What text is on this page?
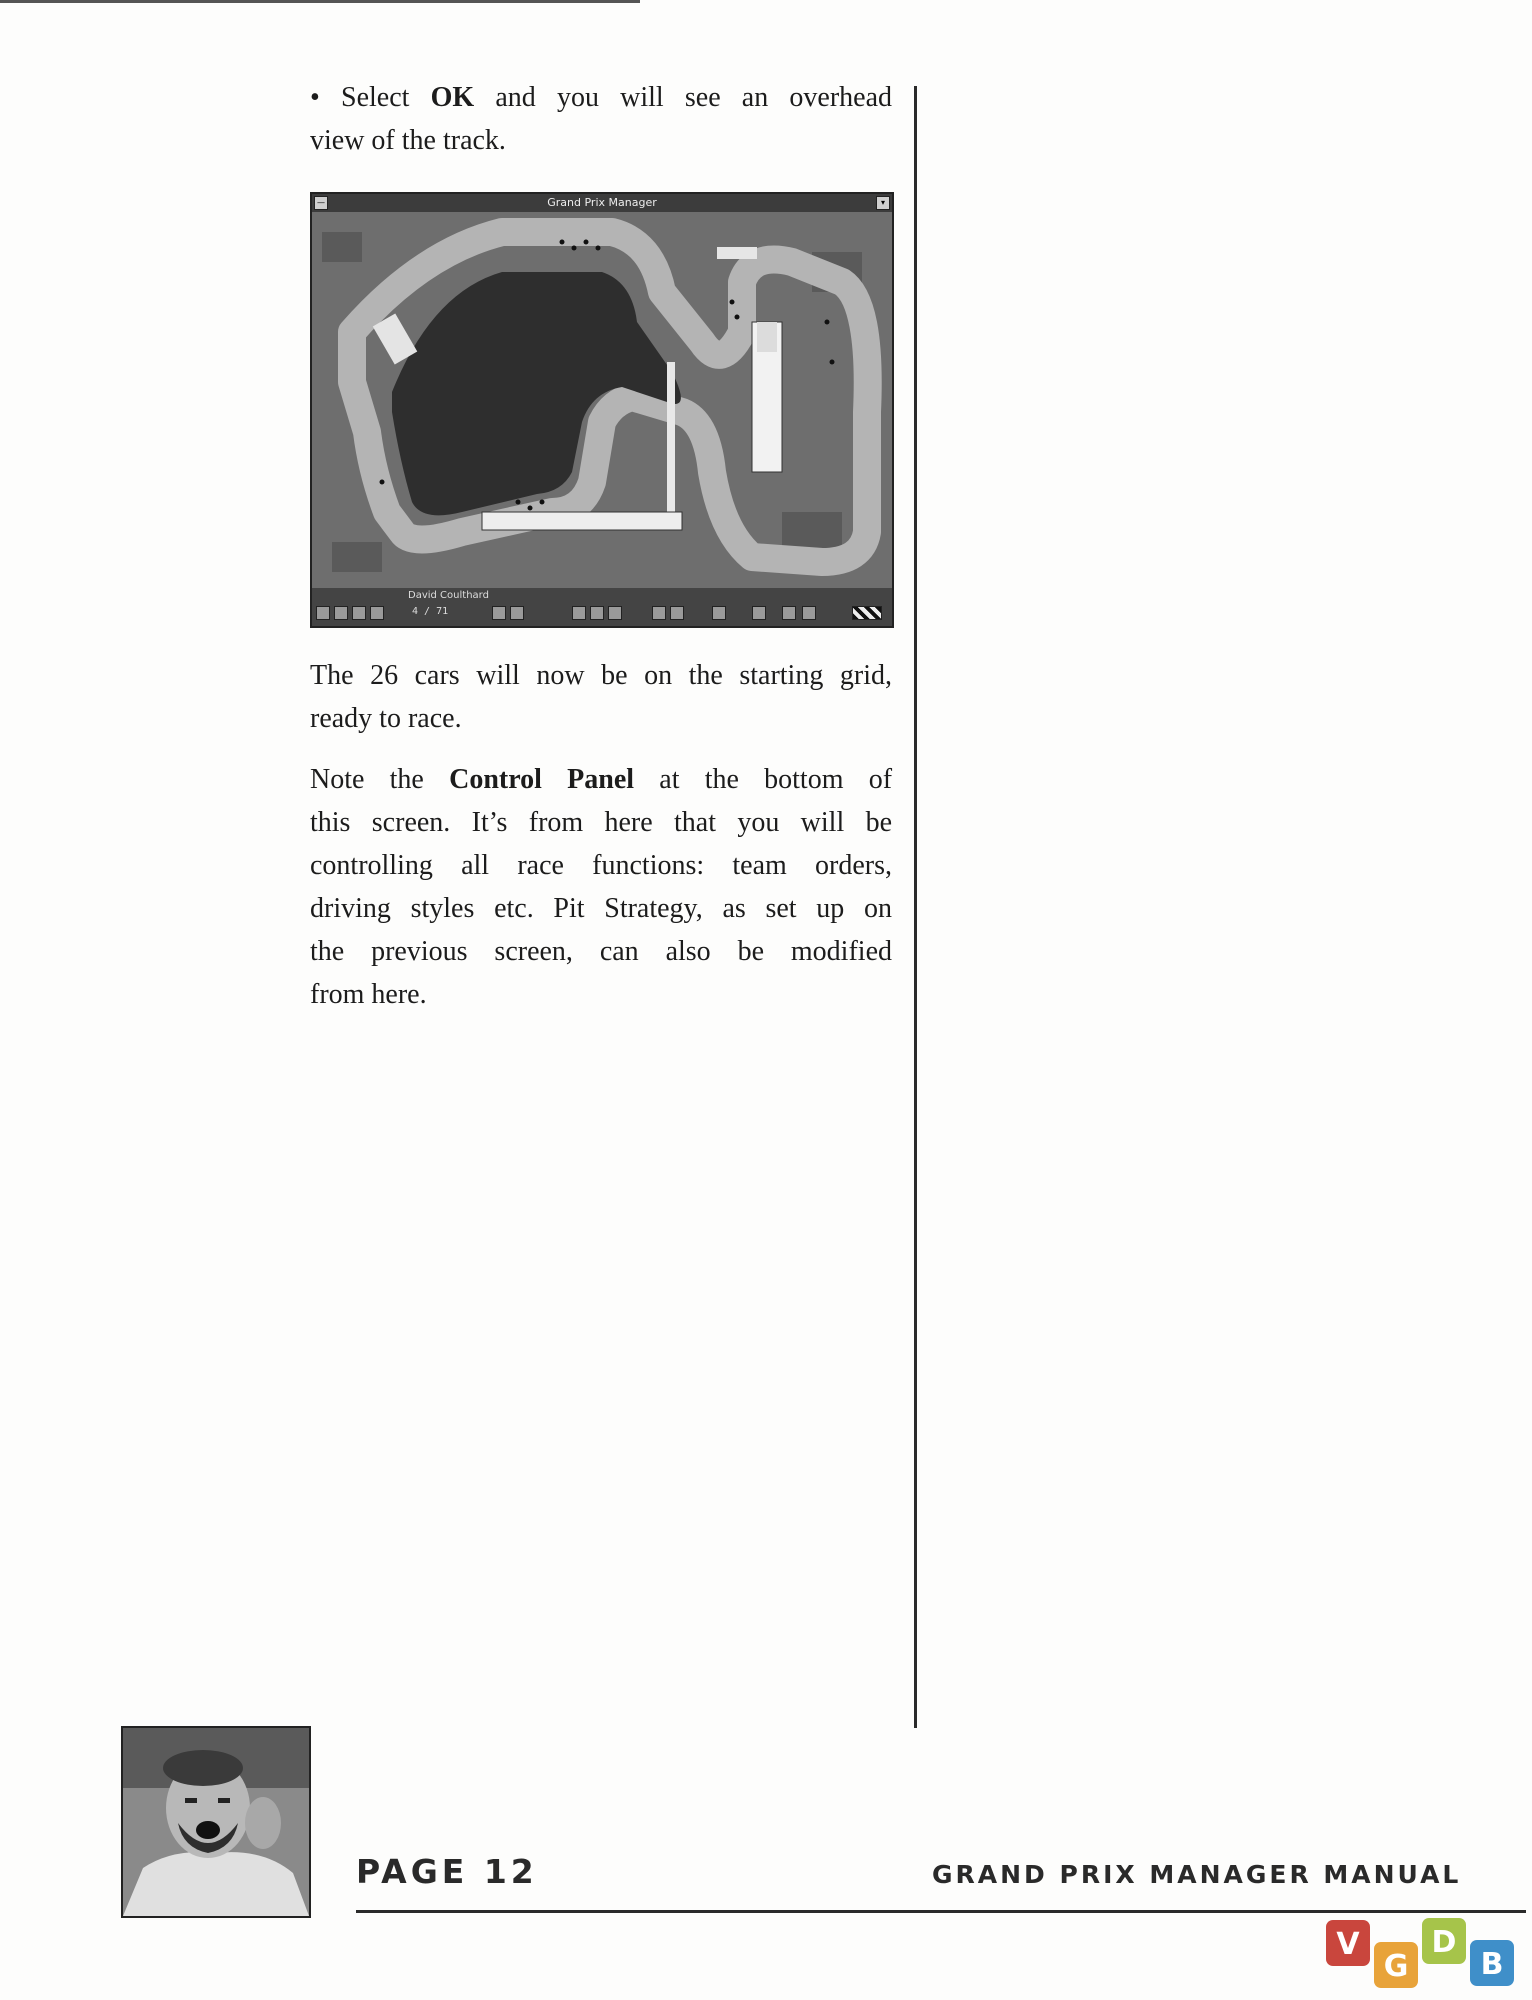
• Select OK and you will see an overhead

view of the track.

Grand Prix Manager
—	▾
David Coulthard
4 / 71

The 26 cars will now be on the starting grid,

ready to race.

Note the Control Panel at the bottom of

this screen. It’s from here that you will be

controlling all race functions: team orders,

driving styles etc. Pit Strategy, as set up on

the previous screen, can also be modified

from here.

PAGE 12	GRAND PRIX MANAGER MANUAL
V
G
D
B
